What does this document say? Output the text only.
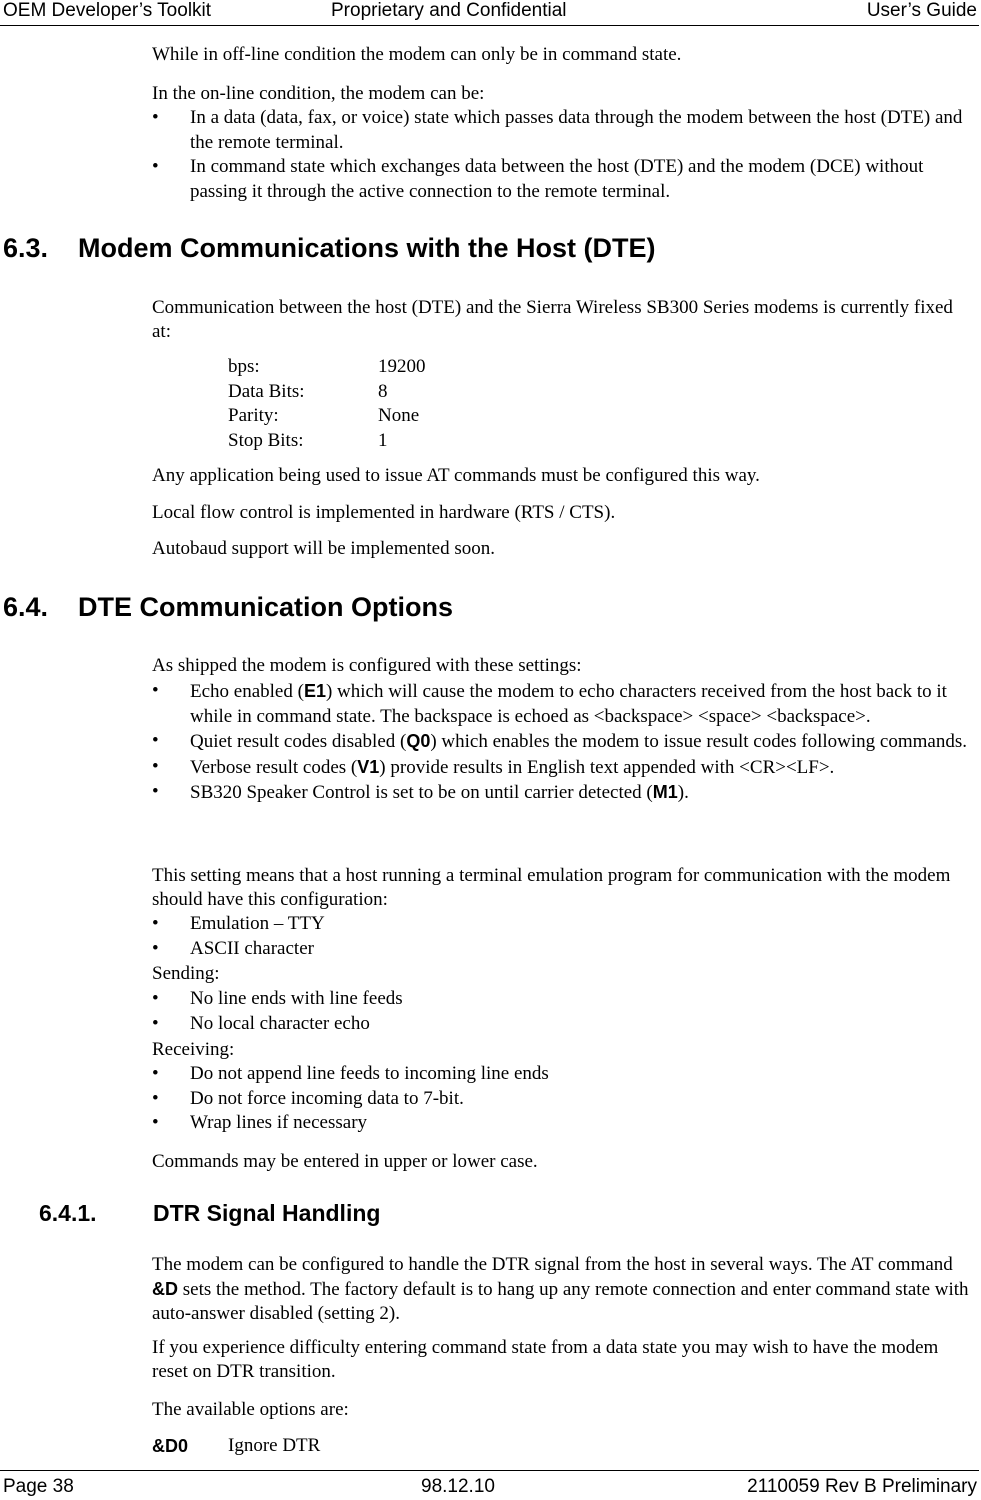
OEM Developer’s Toolkit	Proprietary and Confidential	User’s Guide

While in off-line condition the modem can only be in command state.

In the on-line condition, the modem can be:

• In a data (data, fax, or voice) state which passes data through the modem between the host (DTE) and the remote terminal.
• In command state which exchanges data between the host (DTE) and the modem (DCE) without passing it through the active connection to the remote terminal.
6.3. Modem Communications with the Host (DTE)

Communication between the host (DTE) and the Sierra Wireless SB300 Series modems is currently fixed at:

bps:	19200
Data Bits:	8
Parity:	None
Stop Bits:	1

Any application being used to issue AT commands must be configured this way.

Local flow control is implemented in hardware (RTS / CTS).

Autobaud support will be implemented soon.

6.4. DTE Communication Options

As shipped the modem is configured with these settings:

• Echo enabled (E1) which will cause the modem to echo characters received from the host back to it while in command state. The backspace is echoed as <backspace> <space> <backspace>.
• Quiet result codes disabled (Q0) which enables the modem to issue result codes following commands.
• Verbose result codes (V1) provide results in English text appended with <CR><LF>.
• SB320 Speaker Control is set to be on until carrier detected (M1).

This setting means that a host running a terminal emulation program for communication with the modem should have this configuration:

• Emulation – TTY
• ASCII character

Sending:

• No line ends with line feeds
• No local character echo

Receiving:

• Do not append line feeds to incoming line ends
• Do not force incoming data to 7-bit.
• Wrap lines if necessary

Commands may be entered in upper or lower case.

6.4.1. DTR Signal Handling

The modem can be configured to handle the DTR signal from the host in several ways. The AT command &D sets the method. The factory default is to hang up any remote connection and enter command state with auto-answer disabled (setting 2).

If you experience difficulty entering command state from a data state you may wish to have the modem reset on DTR transition.

The available options are:

&D0 Ignore DTR
Page 38	98.12.10	2110059 Rev B Preliminary
